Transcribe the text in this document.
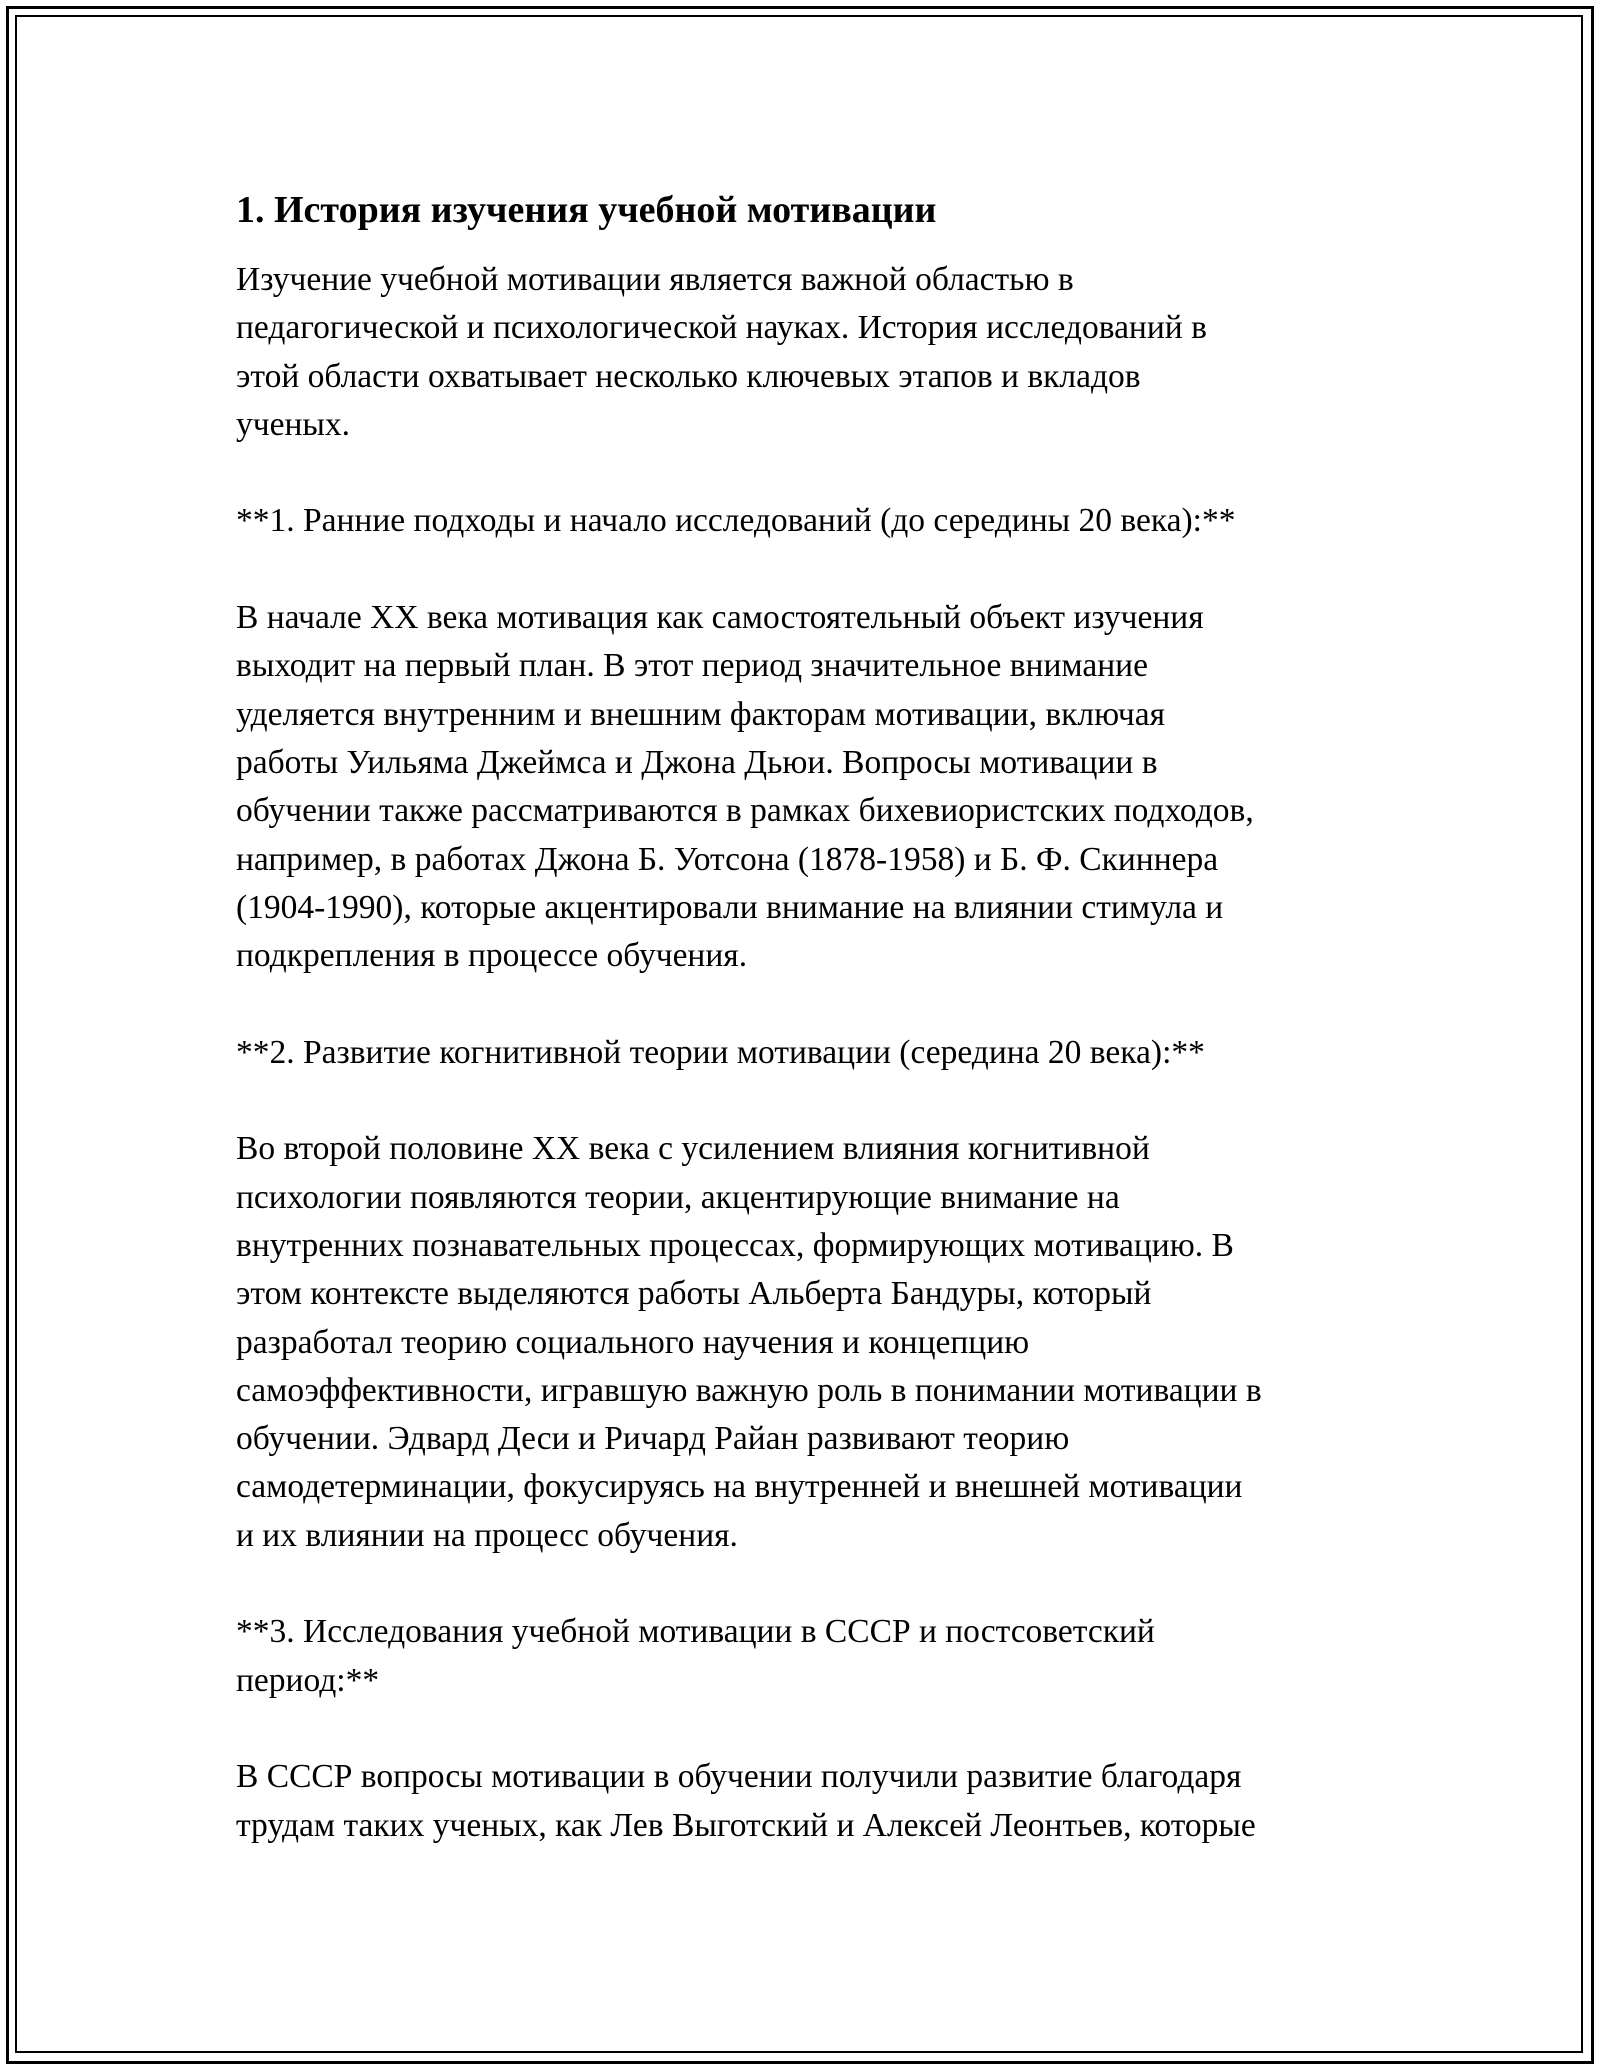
1. История изучения учебной мотивации

Изучение учебной мотивации является важной областью в
педагогической и психологической науках. История исследований в
этой области охватывает несколько ключевых этапов и вкладов
ученых.

**1. Ранние подходы и начало исследований (до середины 20 века):**

В начале XX века мотивация как самостоятельный объект изучения
выходит на первый план. В этот период значительное внимание
уделяется внутренним и внешним факторам мотивации, включая
работы Уильяма Джеймса и Джона Дьюи. Вопросы мотивации в
обучении также рассматриваются в рамках бихевиористских подходов,
например, в работах Джона Б. Уотсона (1878-1958) и Б. Ф. Скиннера
(1904-1990), которые акцентировали внимание на влиянии стимула и
подкрепления в процессе обучения.

**2. Развитие когнитивной теории мотивации (середина 20 века):**

Во второй половине XX века с усилением влияния когнитивной
психологии появляются теории, акцентирующие внимание на
внутренних познавательных процессах, формирующих мотивацию. В
этом контексте выделяются работы Альберта Бандуры, который
разработал теорию социального научения и концепцию
самоэффективности, игравшую важную роль в понимании мотивации в
обучении. Эдвард Деси и Ричард Райан развивают теорию
самодетерминации, фокусируясь на внутренней и внешней мотивации
и их влиянии на процесс обучения.

**3. Исследования учебной мотивации в СССР и постсоветский
период:**

В СССР вопросы мотивации в обучении получили развитие благодаря
трудам таких ученых, как Лев Выготский и Алексей Леонтьев, которые
